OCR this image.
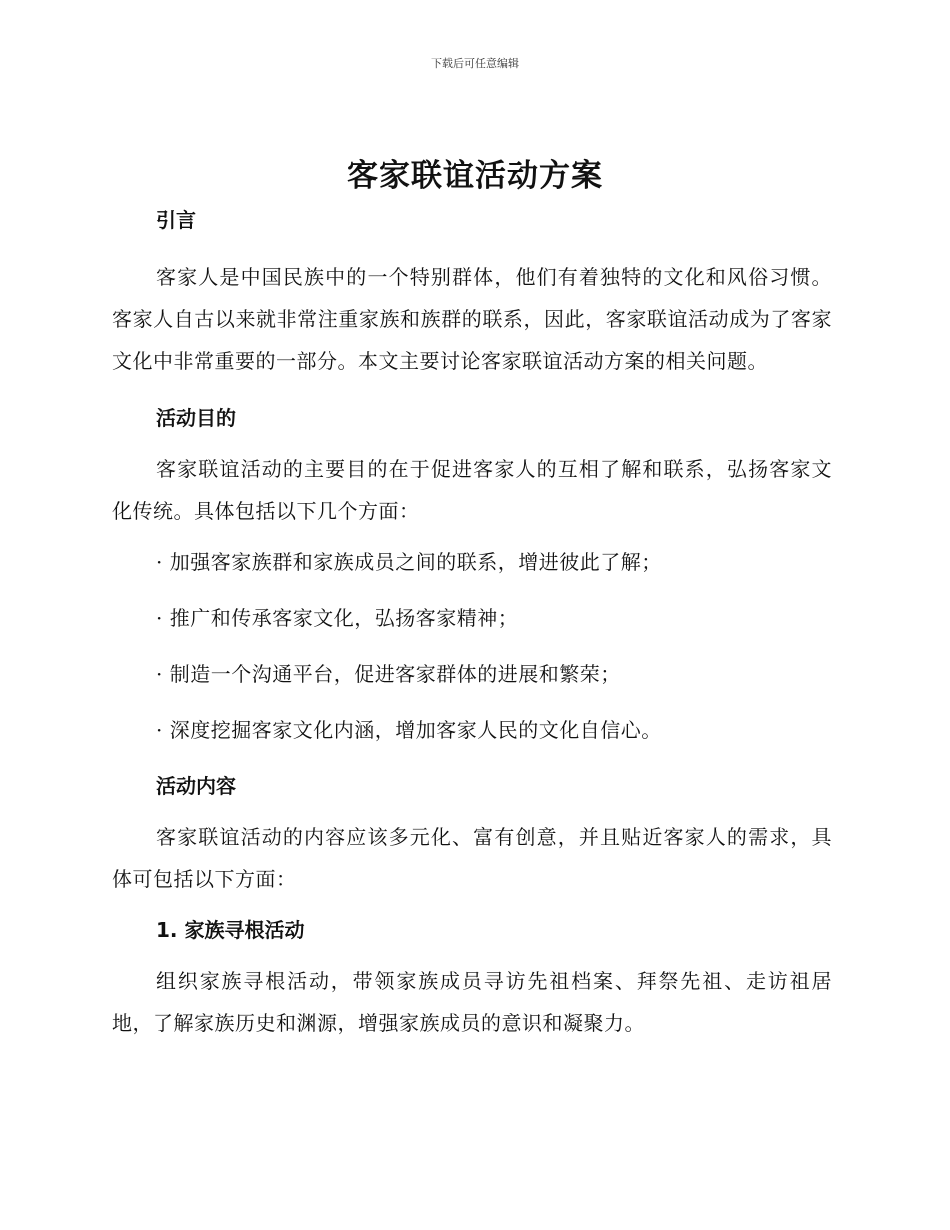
下载后可任意编辑
客家联谊活动方案

引言

客家人是中国民族中的一个特别群体，他们有着独特的文化和风俗习惯。客家人自古以来就非常注重家族和族群的联系，因此，客家联谊活动成为了客家文化中非常重要的一部分。本文主要讨论客家联谊活动方案的相关问题。

活动目的

客家联谊活动的主要目的在于促进客家人的互相了解和联系，弘扬客家文化传统。具体包括以下几个方面：

· 加强客家族群和家族成员之间的联系，增进彼此了解；

· 推广和传承客家文化，弘扬客家精神；

· 制造一个沟通平台，促进客家群体的进展和繁荣；

· 深度挖掘客家文化内涵，增加客家人民的文化自信心。

活动内容

客家联谊活动的内容应该多元化、富有创意，并且贴近客家人的需求，具体可包括以下方面：

1. 家族寻根活动

组织家族寻根活动，带领家族成员寻访先祖档案、拜祭先祖、走访祖居地，了解家族历史和渊源，增强家族成员的意识和凝聚力。
